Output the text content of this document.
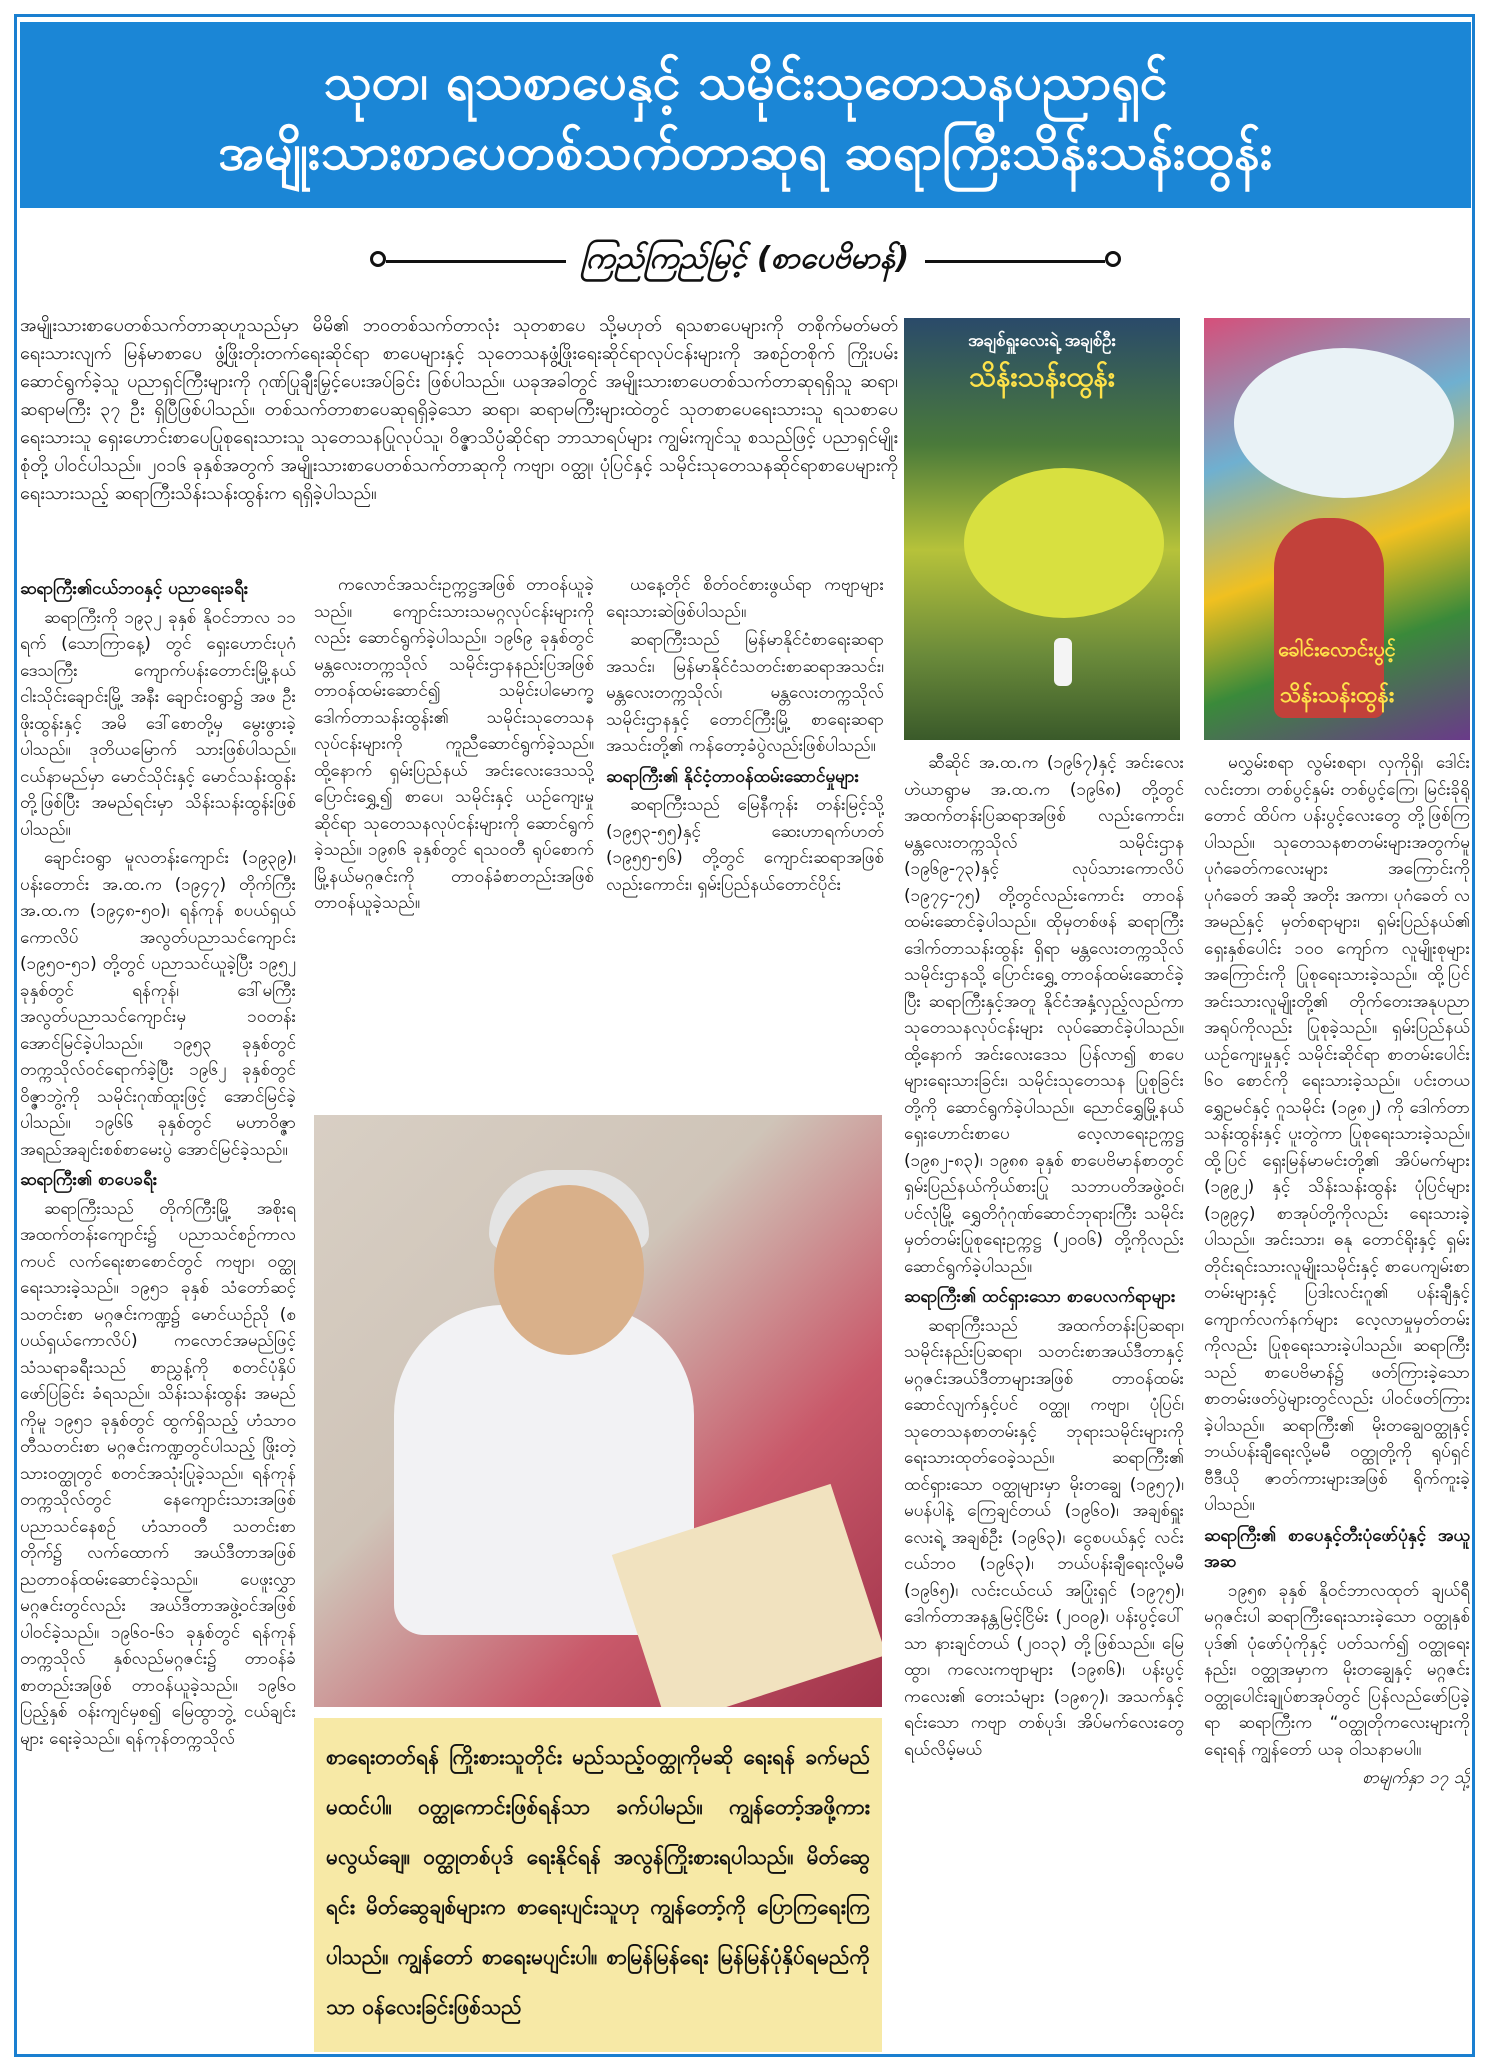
သုတ၊ ရသစာပေနှင့် သမိုင်းသုတေသနပညာရှင်
အမျိုးသားစာပေတစ်သက်တာဆုရ ဆရာကြီးသိန်းသန်းထွန်း
ကြည်ကြည်မြင့် (စာပေဗိမာန်)
အမျိုးသားစာပေတစ်သက်တာဆုဟူသည်မှာ မိမိ၏ ဘဝတစ်သက်တာလုံး သုတစာပေ သို့မဟုတ် ရသစာပေများကို တစိုက်မတ်မတ်ရေးသားလျက် မြန်မာစာပေ ဖွံ့ဖြိုးတိုးတက်ရေးဆိုင်ရာ စာပေများနှင့် သုတေသနဖွံ့ဖြိုးရေးဆိုင်ရာလုပ်ငန်းများကို အစဉ်တစိုက် ကြိုးပမ်းဆောင်ရွက်ခဲ့သူ ပညာရှင်ကြီးများကို ဂုဏ်ပြုချီးမြှင့်ပေးအပ်ခြင်း ဖြစ်ပါသည်။ ယခုအခါတွင် အမျိုးသားစာပေတစ်သက်တာဆုရရှိသူ ဆရာ၊ ဆရာမကြီး ၃၇ ဦး ရှိပြီဖြစ်ပါသည်။ တစ်သက်တာစာပေဆုရရှိခဲ့သော ဆရာ၊ ဆရာမကြီးများထဲတွင် သုတစာပေရေးသားသူ ရသစာပေရေးသားသူ ရှေးဟောင်းစာပေပြုစုရေးသားသူ သုတေသနပြုလုပ်သူ၊ ဝိဇ္ဇာသိပ္ပံဆိုင်ရာ ဘာသာရပ်များ ကျွမ်းကျင်သူ စသည်ဖြင့် ပညာရှင်မျိုးစုံတို့ ပါဝင်ပါသည်။ ၂၀၁၆ ခုနှစ်အတွက် အမျိုးသားစာပေတစ်သက်တာဆုကို ကဗျာ၊ ဝတ္ထု၊ ပုံပြင်နှင့် သမိုင်းသုတေသနဆိုင်ရာစာပေများကို ရေးသားသည့် ဆရာကြီးသိန်းသန်းထွန်းက ရရှိခဲ့ပါသည်။

ဆရာကြီး၏ငယ်ဘဝနှင့် ပညာရေးခရီး

ဆရာကြီးကို ၁၉၃၂ ခုနှစ် နိုဝင်ဘာလ ၁၁ ရက် (သောကြာနေ့) တွင် ရှေးဟောင်းပုဂံဒေသကြီး ကျောက်ပန်းတောင်းမြို့နယ် ငါးသိုင်းချောင်းမြို့ အနီး ချောင်းဝရွာ၌ အဖ ဦးဖိုးထွန်းနှင့် အမိ ဒေါ်စောတို့မှ မွေးဖွားခဲ့ပါသည်။ ဒုတိယမြောက် သားဖြစ်ပါသည်။ ငယ်နာမည်မှာ မောင်သိုင်းနှင့် မောင်သန်းထွန်းတို့ဖြစ်ပြီး အမည်ရင်းမှာ သိန်းသန်းထွန်းဖြစ်ပါသည်။

ချောင်းဝရွာ မူလတန်းကျောင်း (၁၉၃၉)၊ ပန်းတောင်း အ.ထ.က (၁၉၄၇) တိုက်ကြီး အ.ထ.က (၁၉၄၈-၅၀)၊ ရန်ကုန် စပယ်ရှယ်ကောလိပ် အလွတ်ပညာသင်ကျောင်း (၁၉၅၀-၅၁) တို့တွင် ပညာသင်ယူခဲ့ပြီး ၁၉၅၂ ခုနှစ်တွင် ရန်ကုန်၊ ဒေါ်မကြီး အလွတ်ပညာသင်ကျောင်းမှ ၁၀တန်းအောင်မြင်ခဲ့ပါသည်။ ၁၉၅၃ ခုနှစ်တွင် တက္ကသိုလ်ဝင်ရောက်ခဲ့ပြီး ၁၉၆၂ ခုနှစ်တွင် ဝိဇ္ဇာဘွဲ့ကို သမိုင်းဂုဏ်ထူးဖြင့် အောင်မြင်ခဲ့ပါသည်။ ၁၉၆၆ ခုနှစ်တွင် မဟာဝိဇ္ဇာအရည်အချင်းစစ်စာမေးပွဲ အောင်မြင်ခဲ့သည်။

ဆရာကြီး၏ စာပေခရီး

ဆရာကြီးသည် တိုက်ကြီးမြို့ အစိုးရအထက်တန်းကျောင်း၌ ပညာသင်စဉ်ကာလကပင် လက်ရေးစာစောင်တွင် ကဗျာ၊ ဝတ္ထုရေးသားခဲ့သည်။ ၁၉၅၁ ခုနှစ် သံတော်ဆင့်သတင်းစာ မဂ္ဂဇင်းကဏ္ဍ၌ မောင်ယဉ်ညို (စပယ်ရှယ်ကောလိပ်) ကလောင်အမည်ဖြင့် သံသရာခရီးသည် စာညွှန့်ကို စတင်ပုံနှိပ်ဖော်ပြခြင်း ခံရသည်။ သိန်းသန်းထွန်း အမည်ကိုမူ ၁၉၅၁ ခုနှစ်တွင် ထွက်ရှိသည့် ဟံသာဝတီသတင်းစာ မဂ္ဂဇင်းကဏ္ဍတွင်ပါသည့် ဖြိုးတဲ့သားဝတ္ထုတွင် စတင်အသုံးပြုခဲ့သည်။ ရန်ကုန်တက္ကသိုလ်တွင် နေကျောင်းသားအဖြစ် ပညာသင်နေစဉ် ဟံသာဝတီ သတင်းစာတိုက်၌ လက်ထောက် အယ်ဒီတာအဖြစ် ညတာဝန်ထမ်းဆောင်ခဲ့သည်။ ပေဖူးလွှာမဂ္ဂဇင်းတွင်လည်း အယ်ဒီတာအဖွဲ့ဝင်အဖြစ် ပါဝင်ခဲ့သည်။ ၁၉၆၀-၆၁ ခုနှစ်တွင် ရန်ကုန်တက္ကသိုလ် နှစ်လည်မဂ္ဂဇင်း၌ တာဝန်ခံစာတည်းအဖြစ် တာဝန်ယူခဲ့သည်။ ၁၉၆၀ ပြည့်နှစ် ဝန်းကျင်မှစ၍ မြေထွာဘွဲ့ ငယ်ချင်းများ ရေးခဲ့သည်။ ရန်ကုန်တက္ကသိုလ်

ကလောင်အသင်းဥက္ကဋ္ဌအဖြစ် တာဝန်ယူခဲ့သည်။ ကျောင်းသားသမဂ္ဂလုပ်ငန်းများကိုလည်း ဆောင်ရွက်ခဲ့ပါသည်။ ၁၉၆၉ ခုနှစ်တွင် မန္တလေးတက္ကသိုလ် သမိုင်းဌာနနည်းပြအဖြစ် တာဝန်ထမ်းဆောင်၍ သမိုင်းပါမောက္ခ ဒေါက်တာသန်းထွန်း၏ သမိုင်းသုတေသနလုပ်ငန်းများကို ကူညီဆောင်ရွက်ခဲ့သည်။ ထို့နောက် ရှမ်းပြည်နယ် အင်းလေးဒေသသို့ ပြောင်းရွှေ့၍ စာပေ၊ သမိုင်းနှင့် ယဉ်ကျေးမှုဆိုင်ရာ သုတေသနလုပ်ငန်းများကို ဆောင်ရွက်ခဲ့သည်။ ၁၉၈၆ ခုနှစ်တွင် ရသဝတီ ရုပ်စောက်မြို့နယ်မဂ္ဂဇင်းကို တာဝန်ခံစာတည်းအဖြစ် တာဝန်ယူခဲ့သည်။

ယနေ့တိုင် စိတ်ဝင်စားဖွယ်ရာ ကဗျာများ ရေးသားဆဲဖြစ်ပါသည်။

ဆရာကြီးသည် မြန်မာနိုင်ငံစာရေးဆရာအသင်း၊ မြန်မာနိုင်ငံသတင်းစာဆရာအသင်း၊ မန္တလေးတက္ကသိုလ်၊ မန္တလေးတက္ကသိုလ် သမိုင်းဌာနနှင့် တောင်ကြီးမြို့ စာရေးဆရာအသင်းတို့၏ ကန်တော့ခံပွဲလည်းဖြစ်ပါသည်။

ဆရာကြီး၏ နိုင်ငံ့တာဝန်ထမ်းဆောင်မှုများ

ဆရာကြီးသည် မြေနီကုန်း တန်းမြင့်သို့ (၁၉၅၃-၅၅)နှင့် ဆေးဟာရက်ဟတ် (၁၉၅၅-၅၆) တို့တွင် ကျောင်းဆရာအဖြစ်လည်းကောင်း၊ ရှမ်းပြည်နယ်တောင်ပိုင်း

ဆီဆိုင် အ.ထ.က (၁၉၆၇)နှင့် အင်းလေး ဟဲယာရွာမ အ.ထ.က (၁၉၆၈) တို့တွင် အထက်တန်းပြဆရာအဖြစ် လည်းကောင်း၊ မန္တလေးတက္ကသိုလ် သမိုင်းဌာန (၁၉၆၉-၇၃)နှင့် လုပ်သားကောလိပ် (၁၉၇၄-၇၅) တို့တွင်လည်းကောင်း တာဝန်ထမ်းဆောင်ခဲ့ပါသည်။ ထိုမှတစ်ဖန် ဆရာကြီး ဒေါက်တာသန်းထွန်း ရှိရာ မန္တလေးတက္ကသိုလ် သမိုင်းဌာနသို့ ပြောင်းရွှေ့ တာဝန်ထမ်းဆောင်ခဲ့ပြီး ဆရာကြီးနှင့်အတူ နိုင်ငံအနှံ့လှည့်လည်ကာ သုတေသနလုပ်ငန်းများ လုပ်ဆောင်ခဲ့ပါသည်။ ထို့နောက် အင်းလေးဒေသ ပြန်လာ၍ စာပေများရေးသားခြင်း၊ သမိုင်းသုတေသန ပြုစုခြင်းတို့ကို ဆောင်ရွက်ခဲ့ပါသည်။ ညောင်ရွှေမြို့နယ် ရှေးဟောင်းစာပေ လေ့လာရေးဥက္ကဋ္ဌ (၁၉၈၂-၈၃)၊ ၁၉၈၈ ခုနှစ် စာပေဗိမာန်စာတွင် ရှမ်းပြည်နယ်ကိုယ်စားပြု သဘာပတိအဖွဲ့ဝင်၊ ပင်လုံမြို့ ရွှေတိဂုံဂုဏ်ဆောင်ဘုရားကြီး သမိုင်းမှတ်တမ်းပြုစုရေးဥက္ကဋ္ဌ (၂၀၀၆) တို့ကိုလည်း ဆောင်ရွက်ခဲ့ပါသည်။

ဆရာကြီး၏ ထင်ရှားသော စာပေလက်ရာများ

ဆရာကြီးသည် အထက်တန်းပြဆရာ၊ သမိုင်းနည်းပြဆရာ၊ သတင်းစာအယ်ဒီတာနှင့် မဂ္ဂဇင်းအယ်ဒီတာများအဖြစ် တာဝန်ထမ်းဆောင်လျက်နှင့်ပင် ဝတ္ထု၊ ကဗျာ၊ ပုံပြင်၊ သုတေသနစာတမ်းနှင့် ဘုရားသမိုင်းများကို ရေးသားထုတ်ဝေခဲ့သည်။ ဆရာကြီး၏ ထင်ရှားသော ဝတ္ထုများမှာ မိုးတချွေ (၁၉၅၇)၊ မပန်ပါနဲ့ ကြေချင်တယ် (၁၉၆၀)၊ အချစ်ရှူးလေးရဲ့ အချစ်ဦး (၁၉၆၃)၊ ငွေစပယ်နှင့် လင်းငယ်ဘဝ (၁၉၆၃)၊ ဘယ်ပန်းချီရေးလို့မမီ (၁၉၆၅)၊ လင်းငယ်ငယ် အပြုံးရှင် (၁၉၇၅)၊ ဒေါက်တာအနန္တမြင့်ငြိမ်း (၂၀၀၉)၊ ပန်းပွင့်ပေါ်သာ နားချင်တယ် (၂၀၁၃) တို့ဖြစ်သည်။ မြေထွာ၊ ကလေးကဗျာများ (၁၉၈၆)၊ ပန်းပွင့်ကလေး၏ တေးသံများ (၁၉၈၇)၊ အသက်နှင့်ရင်းသော ကဗျာ တစ်ပုဒ်၊ အိပ်မက်လေးတွေ ရယ်လိမ့်မယ်

မလွှမ်းစရာ လွမ်းစရာ၊ လှကိုရှိ၊ ဒေါင်းလင်းတာ၊ တစ်ပွင့်နှမ်း တစ်ပွင့်ကြေ၊ မြင်းခိုရိုတောင် ထိပ်က ပန်းပွင့်လေးတွေ တို့ဖြစ်ကြပါသည်။ သုတေသနစာတမ်းများအတွက်မူ ပုဂံခေတ်ကလေးများ အကြောင်းကို ပုဂံခေတ် အဆို အတိုး အကာ၊ ပုဂံခေတ် လအမည်နှင့် မှတ်စရာများ၊ ရှမ်းပြည်နယ်၏ ရှေးနှစ်ပေါင်း ၁၀၀ ကျော်က လူမျိုးစုများအကြောင်းကို ပြုစုရေးသားခဲ့သည်။ ထို့ပြင် အင်းသားလူမျိုးတို့၏ တိုက်တေးအနုပညာအရုပ်ကိုလည်း ပြုစုခဲ့သည်။ ရှမ်းပြည်နယ် ယဉ်ကျေးမှုနှင့် သမိုင်းဆိုင်ရာ စာတမ်းပေါင်း ၆၀ စောင်ကို ရေးသားခဲ့သည်။ ပင်းတယရွှေဥမင်နှင့် ဂူသမိုင်း (၁၉၈၂) ကို ဒေါက်တာသန်းထွန်းနှင့် ပူးတွဲကာ ပြုစုရေးသားခဲ့သည်။ ထို့ပြင် ရှေးမြန်မာမင်းတို့၏ အိပ်မက်များ (၁၉၉၂) နှင့် သိန်းသန်းထွန်း ပုံပြင်များ (၁၉၉၄) စာအုပ်တို့ကိုလည်း ရေးသားခဲ့ပါသည်။ အင်းသား၊ ဓနု တောင်ရိုးနှင့် ရှမ်းတိုင်းရင်းသားလူမျိုးသမိုင်းနှင့် စာပေကျမ်းစာတမ်းများနှင့် ပြဒါးလင်းဂူ၏ ပန်းချီနှင့် ကျောက်လက်နက်များ လေ့လာမှုမှတ်တမ်းကိုလည်း ပြုစုရေးသားခဲ့ပါသည်။ ဆရာကြီးသည် စာပေဗိမာန်၌ ဖတ်ကြားခဲ့သော စာတမ်းဖတ်ပွဲများတွင်လည်း ပါဝင်ဖတ်ကြားခဲ့ပါသည်။ ဆရာကြီး၏ မိုးတချွေဝတ္ထုနှင့် ဘယ်ပန်းချီရေးလို့မမီ ဝတ္ထုတို့ကို ရုပ်ရှင် ဗီဒီယို ဇာတ်ကားများအဖြစ် ရိုက်ကူးခဲ့ပါသည်။

ဆရာကြီး၏ စာပေနှင့်တီးပုံဖော်ပုံနှင့် အယူအဆ

၁၉၅၈ ခုနှစ် နိုဝင်ဘာလထုတ် ချယ်ရီမဂ္ဂဇင်းပါ ဆရာကြီးရေးသားခဲ့သော ဝတ္ထုနှစ်ပုဒ်၏ ပုံဖော်ပုံကိုနှင့် ပတ်သက်၍ ဝတ္ထုရေးနည်း၊ ဝတ္ထုအမှာက မိုးတချွေနှင့် မဂ္ဂဇင်းဝတ္ထုပေါင်းချုပ်စာအုပ်တွင် ပြန်လည်ဖော်ပြခဲ့ရာ ဆရာကြီးက “ဝတ္ထုတိုကလေးများကို ရေးရန် ကျွန်တော် ယခု ဝါသနာမပါ။

စာမျက်နှာ ၁၇ သို့

အချစ်ရှူးလေးရဲ့ အချစ်ဦး
သိန်းသန်းထွန်း
ခေါင်းလောင်းပွင့်
သိန်းသန်းထွန်း
စာရေးတတ်ရန် ကြိုးစားသူတိုင်း မည်သည့်ဝတ္ထုကိုမဆို ရေးရန် ခက်မည်မထင်ပါ။ ဝတ္ထုကောင်းဖြစ်ရန်သာ ခက်ပါမည်။ ကျွန်တော့်အဖို့ကား မလွယ်ချေ။ ဝတ္ထုတစ်ပုဒ် ရေးနိုင်ရန် အလွန်ကြိုးစားရပါသည်။ မိတ်ဆွေရင်း မိတ်ဆွေချစ်များက စာရေးပျင်းသူဟု ကျွန်တော့်ကို ပြောကြရေးကြပါသည်။ ကျွန်တော် စာရေးမပျင်းပါ။ စာမြန်မြန်ရေး မြန်မြန်ပုံနှိပ်ရမည်ကိုသာ ဝန်လေးခြင်းဖြစ်သည်
